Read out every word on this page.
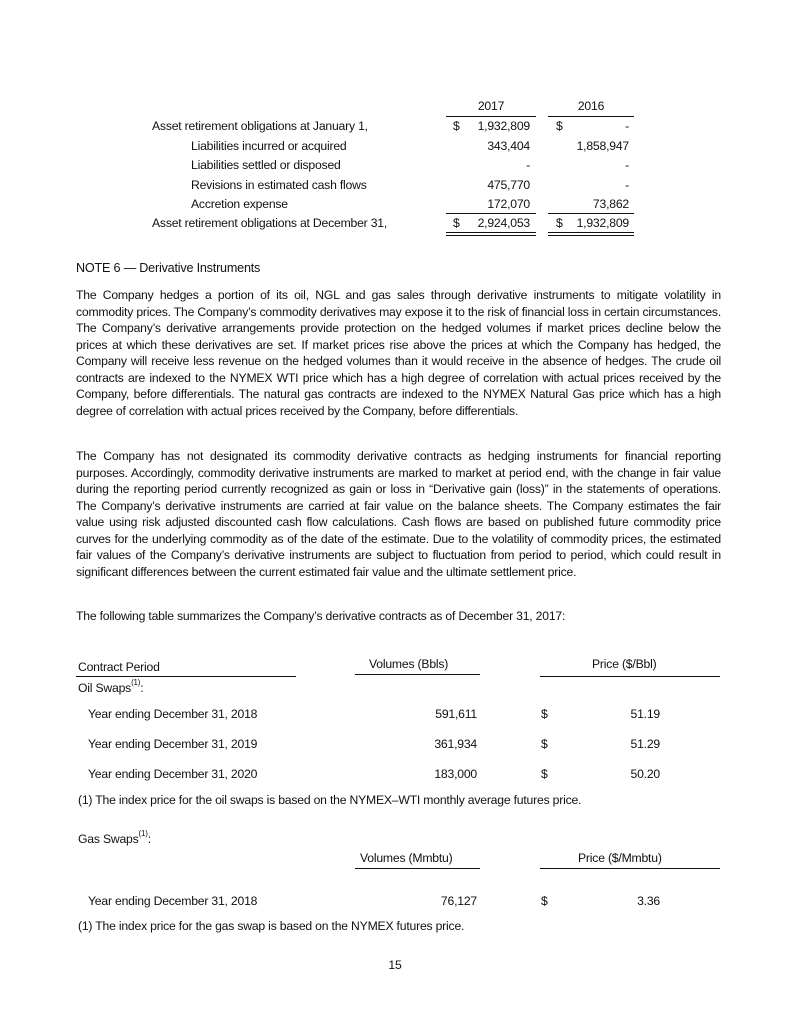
2017	2016
Asset retirement obligations at January 1,	$	1,932,809 $	-
Liabilities incurred or acquired	343,404	1,858,947
Liabilities settled or disposed	-	-
Revisions in estimated cash flows	475,770	-
Accretion expense	172,070	73,862
Asset retirement obligations at December 31,	$	2,924,053 $	1,932,809
NOTE 6 — Derivative Instruments
The Company hedges a portion of its oil, NGL and gas sales through derivative instruments to mitigate volatility in commodity prices. The Company’s commodity derivatives may expose it to the risk of financial loss in certain circumstances. The Company’s derivative arrangements provide protection on the hedged volumes if market prices decline below the prices at which these derivatives are set. If market prices rise above the prices at which the Company has hedged, the Company will receive less revenue on the hedged volumes than it would receive in the absence of hedges. The crude oil contracts are indexed to the NYMEX WTI price which has a high degree of correlation with actual prices received by the Company, before differentials. The natural gas contracts are indexed to the NYMEX Natural Gas price which has a high degree of correlation with actual prices received by the Company, before differentials.
The Company has not designated its commodity derivative contracts as hedging instruments for financial reporting purposes. Accordingly, commodity derivative instruments are marked to market at period end, with the change in fair value during the reporting period currently recognized as gain or loss in “Derivative gain (loss)” in the statements of operations. The Company’s derivative instruments are carried at fair value on the balance sheets. The Company estimates the fair value using risk adjusted discounted cash flow calculations. Cash flows are based on published future commodity price curves for the underlying commodity as of the date of the estimate. Due to the volatility of commodity prices, the estimated fair values of the Company’s derivative instruments are subject to fluctuation from period to period, which could result in significant differences between the current estimated fair value and the ultimate settlement price.
The following table summarizes the Company’s derivative contracts as of December 31, 2017:
Contract Period	Volumes (Bbls)	Price ($/Bbl)
Oil Swaps$^{(1)}$:
Year ending December 31, 2018	591,611	$	51.19
Year ending December 31, 2019	361,934	$	51.29
Year ending December 31, 2020	183,000	$	50.20
(1) The index price for the oil swaps is based on the NYMEX–WTI monthly average futures price.
Gas Swaps$^{(1)}$:
Volumes (Mmbtu)	Price ($/Mmbtu)
Year ending December 31, 2018	76,127	$	3.36
(1) The index price for the gas swap is based on the NYMEX futures price.
15
